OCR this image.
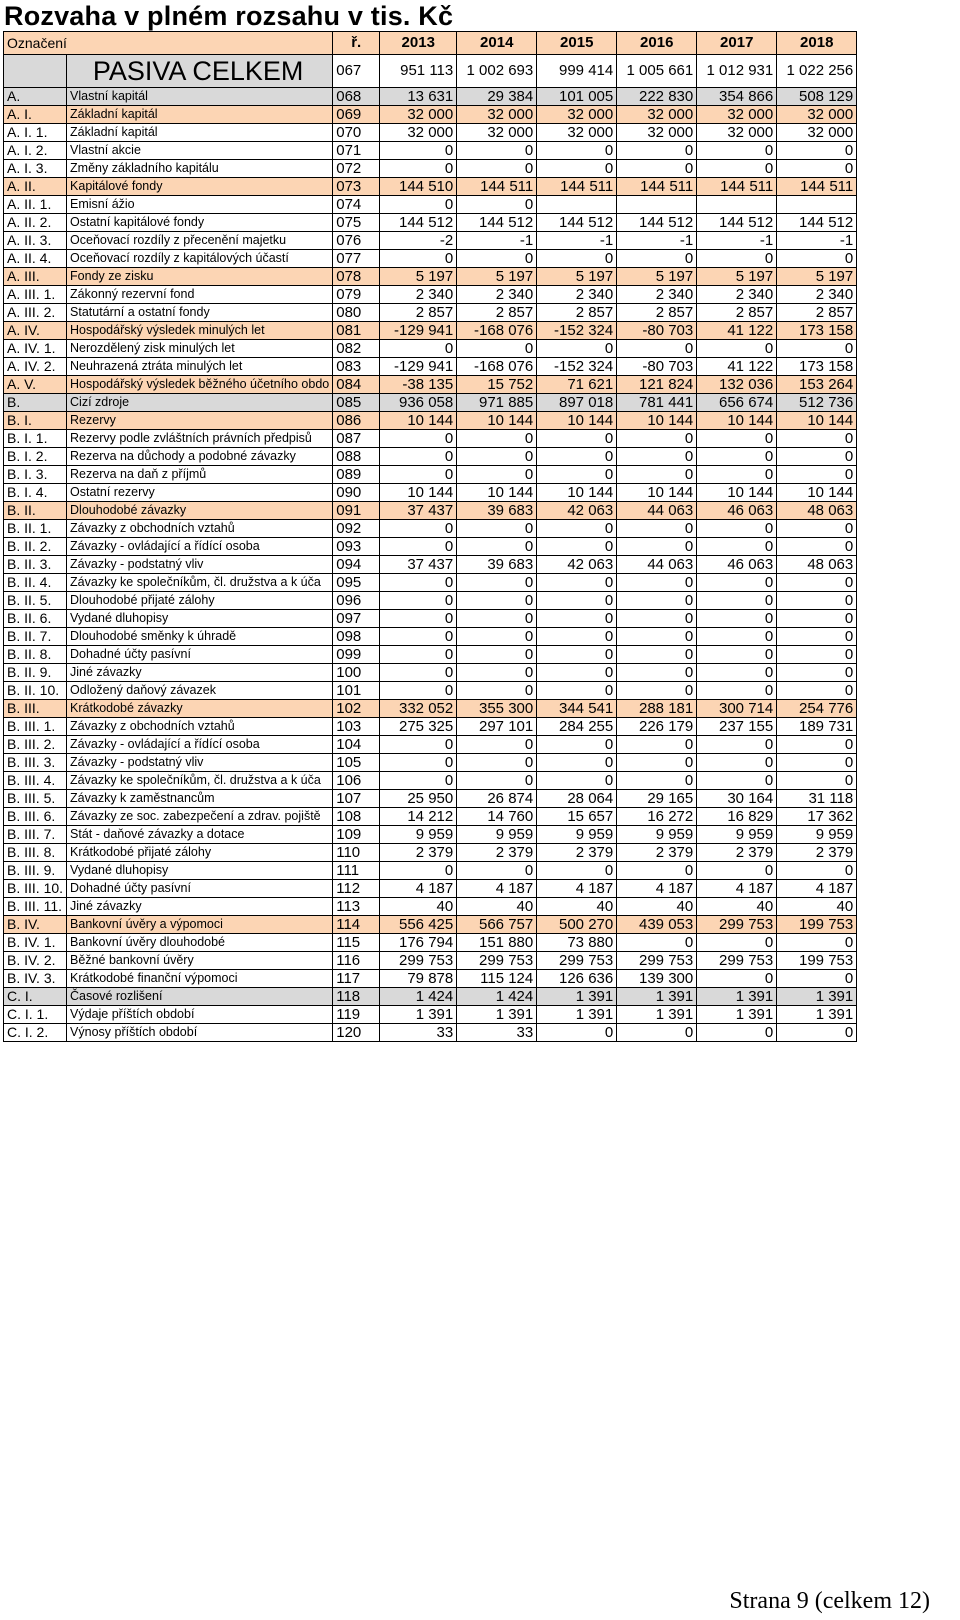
Rozvaha v plném rozsahu v tis. Kč
Označení		ř.	2013	2014	2015	2016	2017	2018
	PASIVA CELKEM	067	951 113	1 002 693	999 414	1 005 661	1 012 931	1 022 256
A.	Vlastní kapitál	068	13 631	29 384	101 005	222 830	354 866	508 129
A. I.	Základní kapitál	069	32 000	32 000	32 000	32 000	32 000	32 000
A. I. 1.	Základní kapitál	070	32 000	32 000	32 000	32 000	32 000	32 000
A. I. 2.	Vlastní akcie	071	0	0	0	0	0	0
A. I. 3.	Změny základního kapitálu	072	0	0	0	0	0	0
A. II.	Kapitálové fondy	073	144 510	144 511	144 511	144 511	144 511	144 511
A. II. 1.	Emisní ážio	074	0	0				
A. II. 2.	Ostatní kapitálové fondy	075	144 512	144 512	144 512	144 512	144 512	144 512
A. II. 3.	Oceňovací rozdíly z přecenění majetku	076	-2	-1	-1	-1	-1	-1
A. II. 4.	Oceňovací rozdíly z kapitálových účastí	077	0	0	0	0	0	0
A. III.	Fondy ze zisku	078	5 197	5 197	5 197	5 197	5 197	5 197
A. III. 1.	Zákonný rezervní fond	079	2 340	2 340	2 340	2 340	2 340	2 340
A. III. 2.	Statutární a ostatní fondy	080	2 857	2 857	2 857	2 857	2 857	2 857
A. IV.	Hospodářský výsledek minulých let	081	-129 941	-168 076	-152 324	-80 703	41 122	173 158
A. IV. 1.	Nerozdělený zisk minulých let	082	0	0	0	0	0	0
A. IV. 2.	Neuhrazená ztráta minulých let	083	-129 941	-168 076	-152 324	-80 703	41 122	173 158
A. V.	Hospodářský výsledek běžného účetního obdo	084	-38 135	15 752	71 621	121 824	132 036	153 264
B.	Cizí zdroje	085	936 058	971 885	897 018	781 441	656 674	512 736
B. I.	Rezervy	086	10 144	10 144	10 144	10 144	10 144	10 144
B. I. 1.	Rezervy podle zvláštních právních předpisů	087	0	0	0	0	0	0
B. I. 2.	Rezerva na důchody a podobné závazky	088	0	0	0	0	0	0
B. I. 3.	Rezerva na daň z příjmů	089	0	0	0	0	0	0
B. I. 4.	Ostatní rezervy	090	10 144	10 144	10 144	10 144	10 144	10 144
B. II.	Dlouhodobé závazky	091	37 437	39 683	42 063	44 063	46 063	48 063
B. II. 1.	Závazky z obchodních vztahů	092	0	0	0	0	0	0
B. II. 2.	Závazky - ovládající a řídící osoba	093	0	0	0	0	0	0
B. II. 3.	Závazky - podstatný vliv	094	37 437	39 683	42 063	44 063	46 063	48 063
B. II. 4.	Závazky ke společníkům, čl. družstva a k úča	095	0	0	0	0	0	0
B. II. 5.	Dlouhodobé přijaté zálohy	096	0	0	0	0	0	0
B. II. 6.	Vydané dluhopisy	097	0	0	0	0	0	0
B. II. 7.	Dlouhodobé směnky k úhradě	098	0	0	0	0	0	0
B. II. 8.	Dohadné účty pasívní	099	0	0	0	0	0	0
B. II. 9.	Jiné závazky	100	0	0	0	0	0	0
B. II. 10.	Odložený daňový závazek	101	0	0	0	0	0	0
B. III.	Krátkodobé závazky	102	332 052	355 300	344 541	288 181	300 714	254 776
B. III. 1.	Závazky z obchodních vztahů	103	275 325	297 101	284 255	226 179	237 155	189 731
B. III. 2.	Závazky - ovládající a řídící osoba	104	0	0	0	0	0	0
B. III. 3.	Závazky - podstatný vliv	105	0	0	0	0	0	0
B. III. 4.	Závazky ke společníkům, čl. družstva a k úča	106	0	0	0	0	0	0
B. III. 5.	Závazky k zaměstnancům	107	25 950	26 874	28 064	29 165	30 164	31 118
B. III. 6.	Závazky ze soc. zabezpečení a zdrav. pojiště	108	14 212	14 760	15 657	16 272	16 829	17 362
B. III. 7.	Stát - daňové závazky a dotace	109	9 959	9 959	9 959	9 959	9 959	9 959
B. III. 8.	Krátkodobé přijaté zálohy	110	2 379	2 379	2 379	2 379	2 379	2 379
B. III. 9.	Vydané dluhopisy	111	0	0	0	0	0	0
B. III. 10.	Dohadné účty pasívní	112	4 187	4 187	4 187	4 187	4 187	4 187
B. III. 11.	Jiné závazky	113	40	40	40	40	40	40
B. IV.	Bankovní úvěry a výpomoci	114	556 425	566 757	500 270	439 053	299 753	199 753
B. IV. 1.	Bankovní úvěry dlouhodobé	115	176 794	151 880	73 880	0	0	0
B. IV. 2.	Běžné bankovní úvěry	116	299 753	299 753	299 753	299 753	299 753	199 753
B. IV. 3.	Krátkodobé finanční výpomoci	117	79 878	115 124	126 636	139 300	0	0
C. I.	Časové rozlišení	118	1 424	1 424	1 391	1 391	1 391	1 391
C. I. 1.	Výdaje příštích období	119	1 391	1 391	1 391	1 391	1 391	1 391
C. I. 2.	Výnosy příštích období	120	33	33	0	0	0	0
Strana 9 (celkem 12)
